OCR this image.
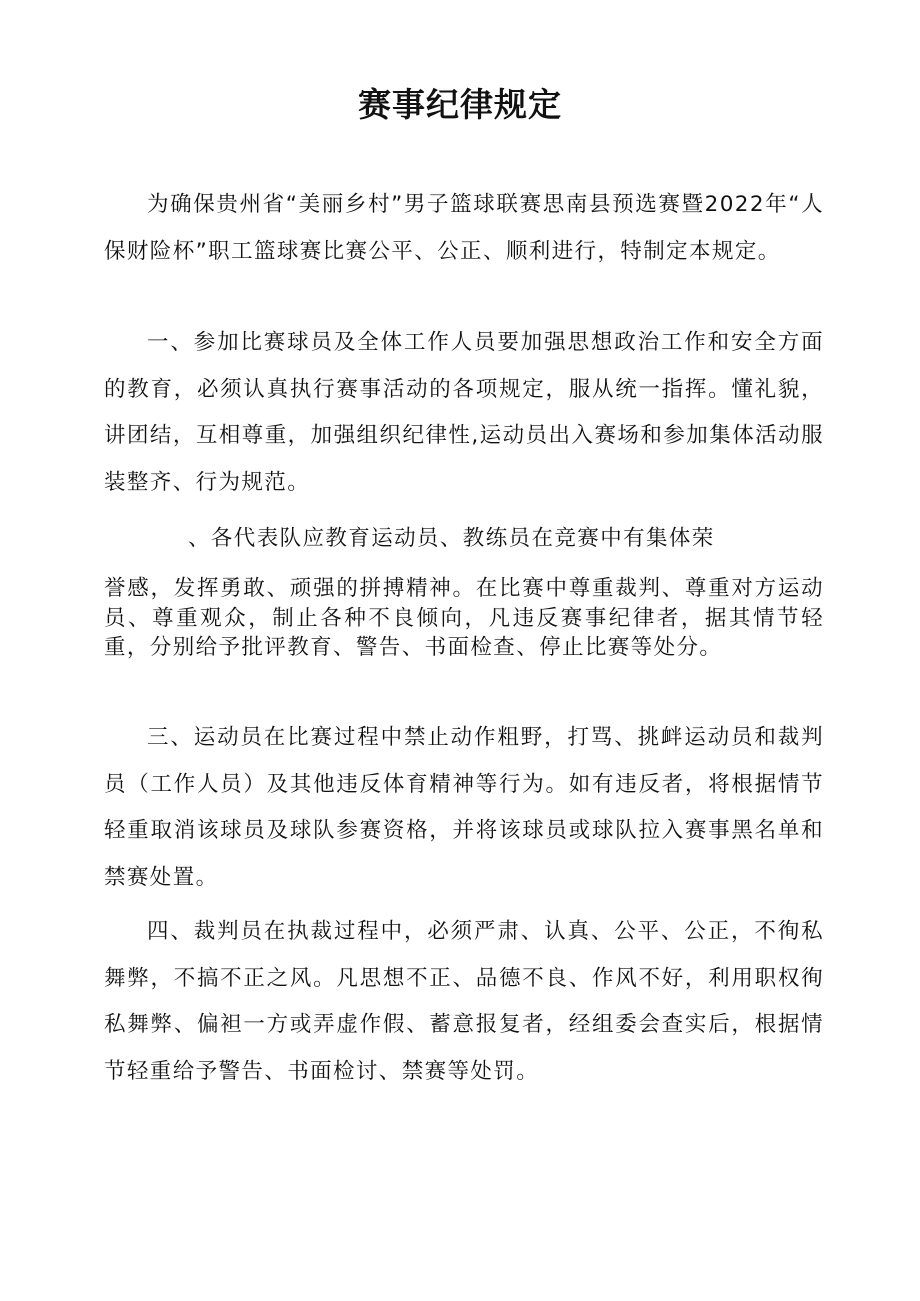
赛事纪律规定

为确保贵州省“美丽乡村”男子篮球联赛思南县预选赛暨2022年“人保财险杯”职工篮球赛比赛公平、公正、顺利进行，特制定本规定。

一、参加比赛球员及全体工作人员要加强思想政治工作和安全方面的教育，必须认真执行赛事活动的各项规定，服从统一指挥。懂礼貌，讲团结，互相尊重，加强组织纪律性,运动员出入赛场和参加集体活动服装整齐、行为规范。

、各代表队应教育运动员、教练员在竞赛中有集体荣

誉感，发挥勇敢、顽强的拼搏精神。在比赛中尊重裁判、尊重对方运动员、尊重观众，制止各种不良倾向，凡违反赛事纪律者，据其情节轻重，分别给予批评教育、警告、书面检查、停止比赛等处分。

三、运动员在比赛过程中禁止动作粗野，打骂、挑衅运动员和裁判员（工作人员）及其他违反体育精神等行为。如有违反者，将根据情节轻重取消该球员及球队参赛资格，并将该球员或球队拉入赛事黑名单和禁赛处置。

四、裁判员在执裁过程中，必须严肃、认真、公平、公正，不徇私舞弊，不搞不正之风。凡思想不正、品德不良、作风不好，利用职权徇私舞弊、偏袒一方或弄虚作假、蓄意报复者，经组委会查实后，根据情节轻重给予警告、书面检讨、禁赛等处罚。
